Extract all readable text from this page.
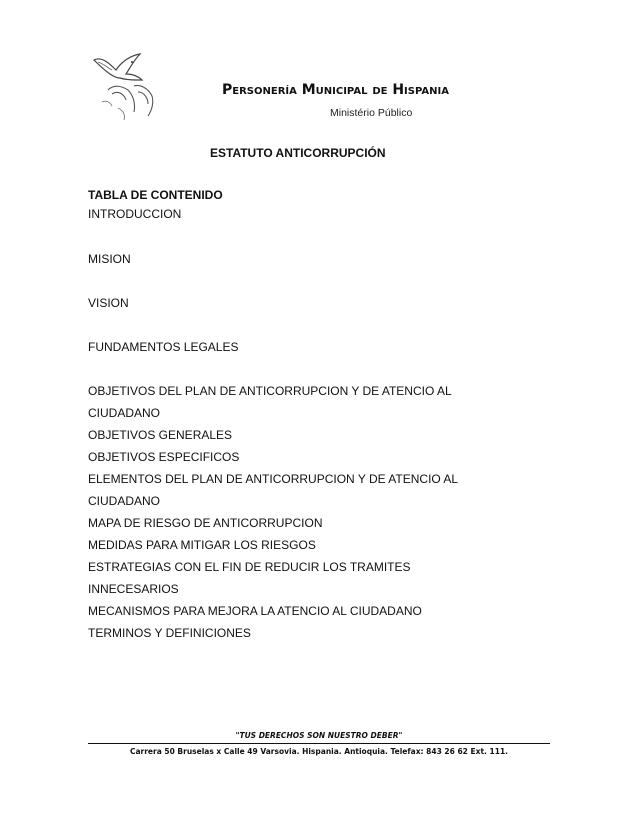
Personería Municipal de Hispania
Ministério Público
ESTATUTO ANTICORRUPCIÓN
TABLA DE CONTENIDO
INTRODUCCION
MISION
VISION
FUNDAMENTOS LEGALES
OBJETIVOS DEL PLAN DE ANTICORRUPCION Y DE ATENCIO AL
CIUDADANO
OBJETIVOS GENERALES
OBJETIVOS ESPECIFICOS
ELEMENTOS DEL PLAN DE ANTICORRUPCION Y DE ATENCIO AL
CIUDADANO
MAPA DE RIESGO DE ANTICORRUPCION
MEDIDAS PARA MITIGAR LOS RIESGOS
ESTRATEGIAS CON EL FIN DE REDUCIR LOS TRAMITES
INNECESARIOS
MECANISMOS PARA MEJORA LA ATENCIO AL CIUDADANO
TERMINOS Y DEFINICIONES
"TUS DERECHOS SON NUESTRO DEBER"
Carrera 50 Bruselas x Calle 49 Varsovia. Hispania. Antioquia. Telefax: 843 26 62 Ext. 111.
